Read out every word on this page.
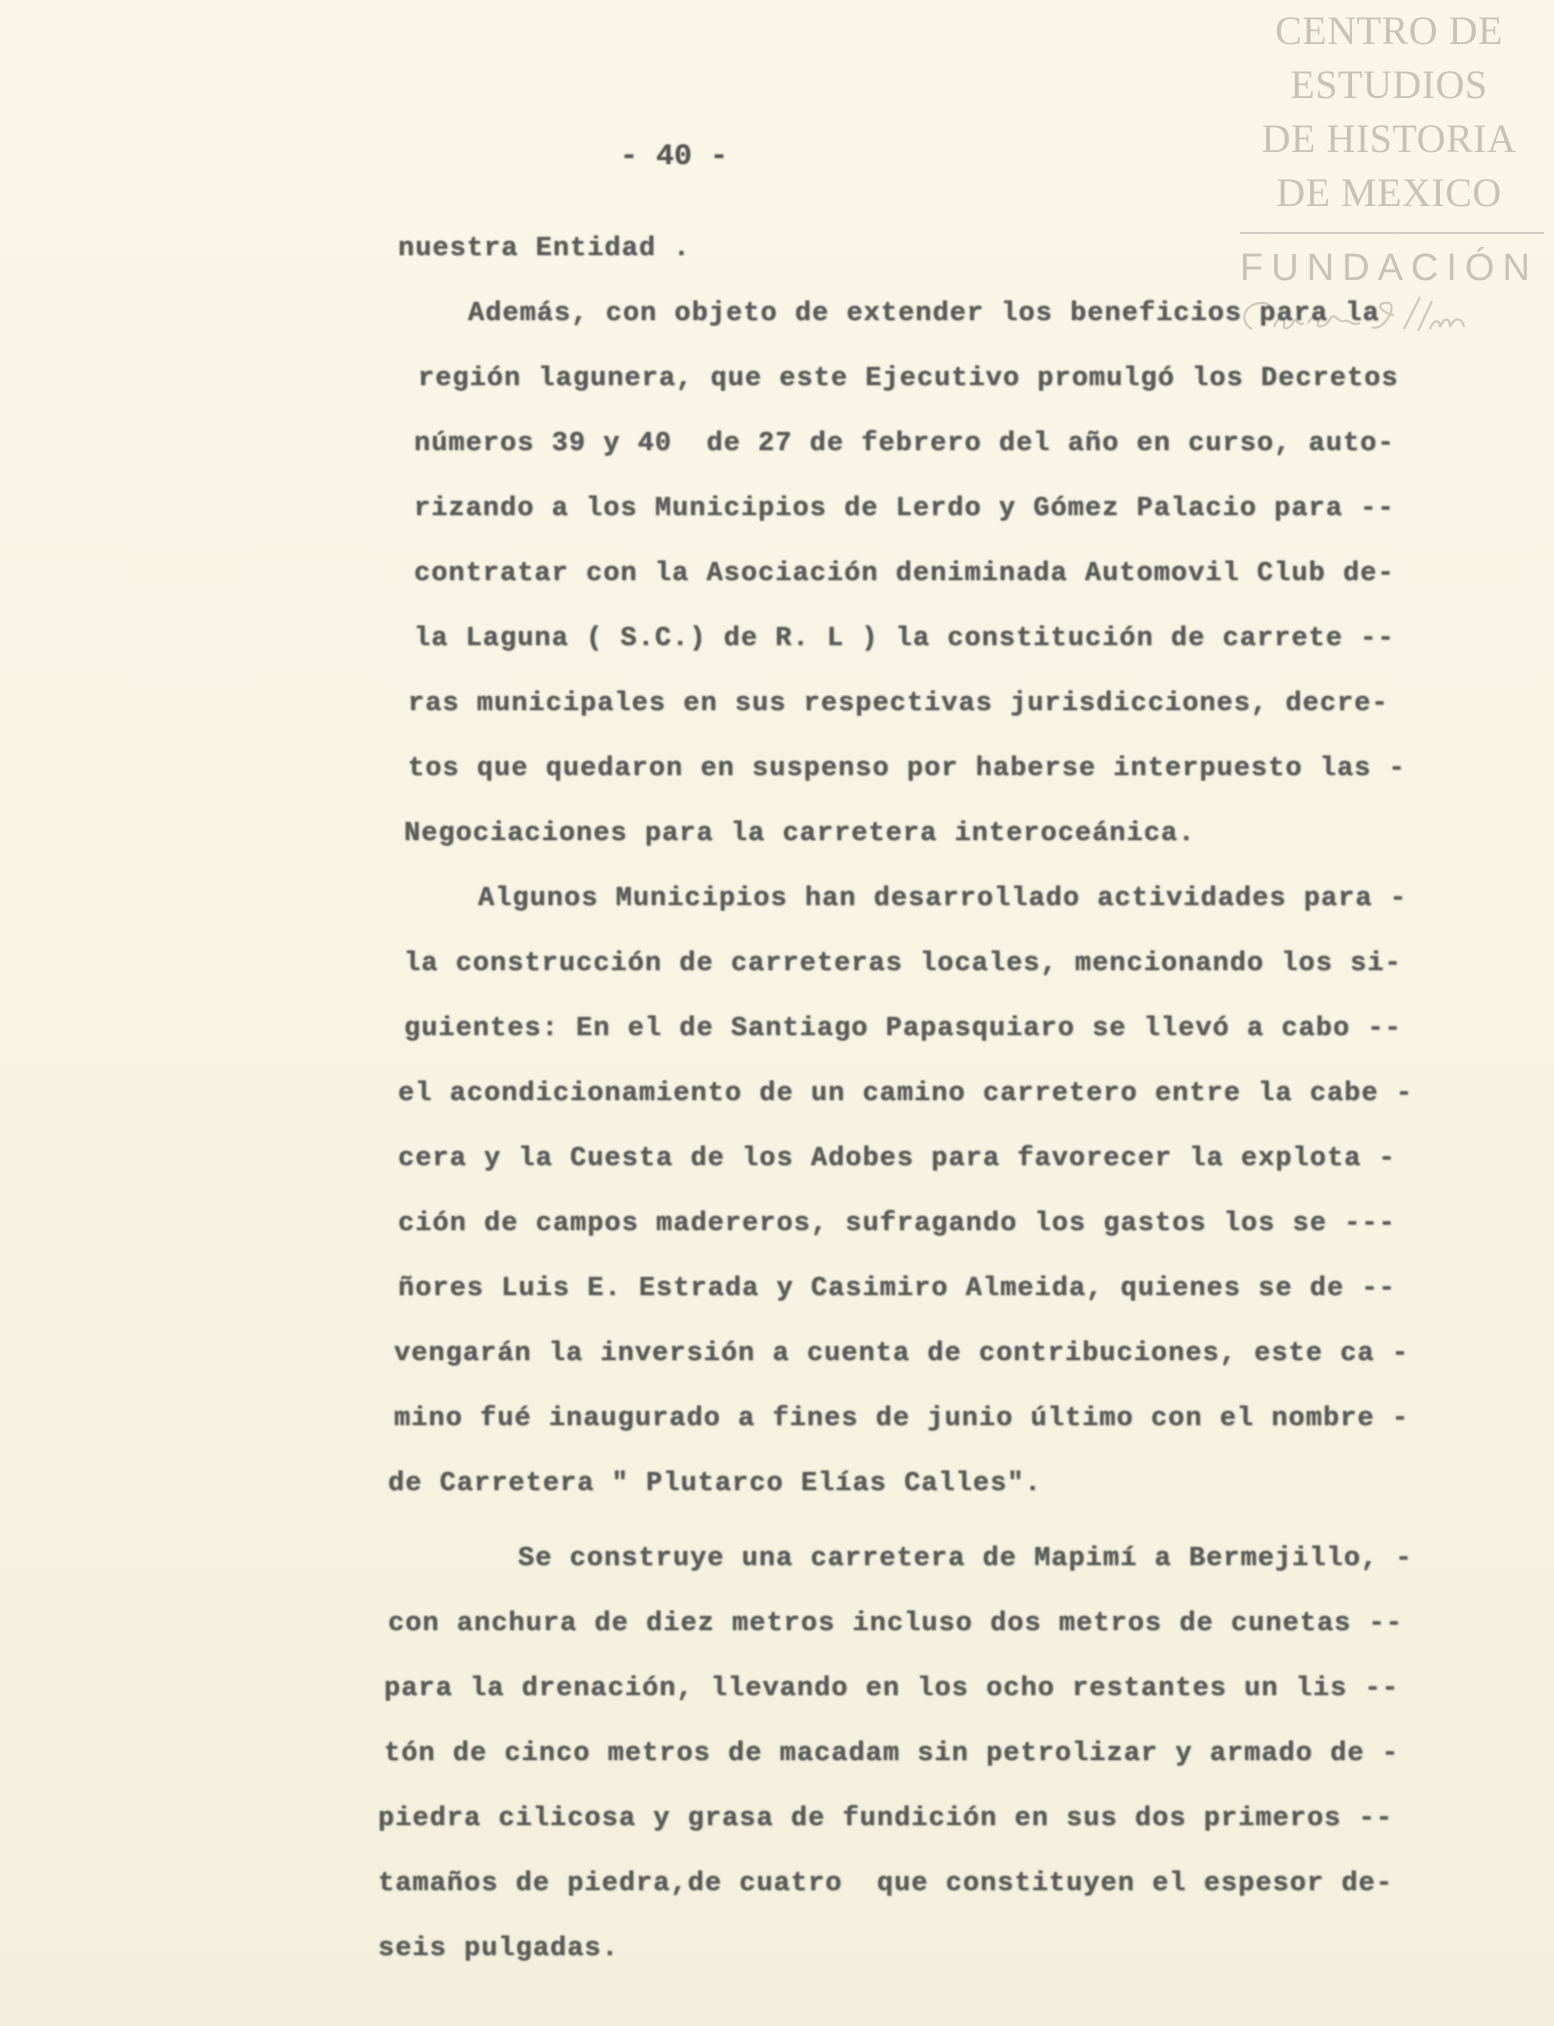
CENTRO DE
ESTUDIOS
DE HISTORIA
DE MEXICO
FUNDACIÓN
- 40 -
nuestra Entidad .
Además, con objeto de extender los beneficios para la
región lagunera, que este Ejecutivo promulgó los Decretos
números 39 y 40  de 27 de febrero del año en curso, auto-
rizando a los Municipios de Lerdo y Gómez Palacio para --
contratar con la Asociación deniminada Automovil Club de-
la Laguna ( S.C.) de R. L ) la constitución de carrete --
ras municipales en sus respectivas jurisdicciones, decre-
tos que quedaron en suspenso por haberse interpuesto las -
Negociaciones para la carretera interoceánica.
Algunos Municipios han desarrollado actividades para -
la construcción de carreteras locales, mencionando los si-
guientes: En el de Santiago Papasquiaro se llevó a cabo --
el acondicionamiento de un camino carretero entre la cabe -
cera y la Cuesta de los Adobes para favorecer la explota -
ción de campos madereros, sufragando los gastos los se ---
ñores Luis E. Estrada y Casimiro Almeida, quienes se de --
vengarán la inversión a cuenta de contribuciones, este ca -
mino fué inaugurado a fines de junio último con el nombre -
de Carretera " Plutarco Elías Calles".
Se construye una carretera de Mapimí a Bermejillo, -
con anchura de diez metros incluso dos metros de cunetas --
para la drenación, llevando en los ocho restantes un lis --
tón de cinco metros de macadam sin petrolizar y armado de -
piedra cilicosa y grasa de fundición en sus dos primeros --
tamaños de piedra,de cuatro  que constituyen el espesor de-
seis pulgadas.
